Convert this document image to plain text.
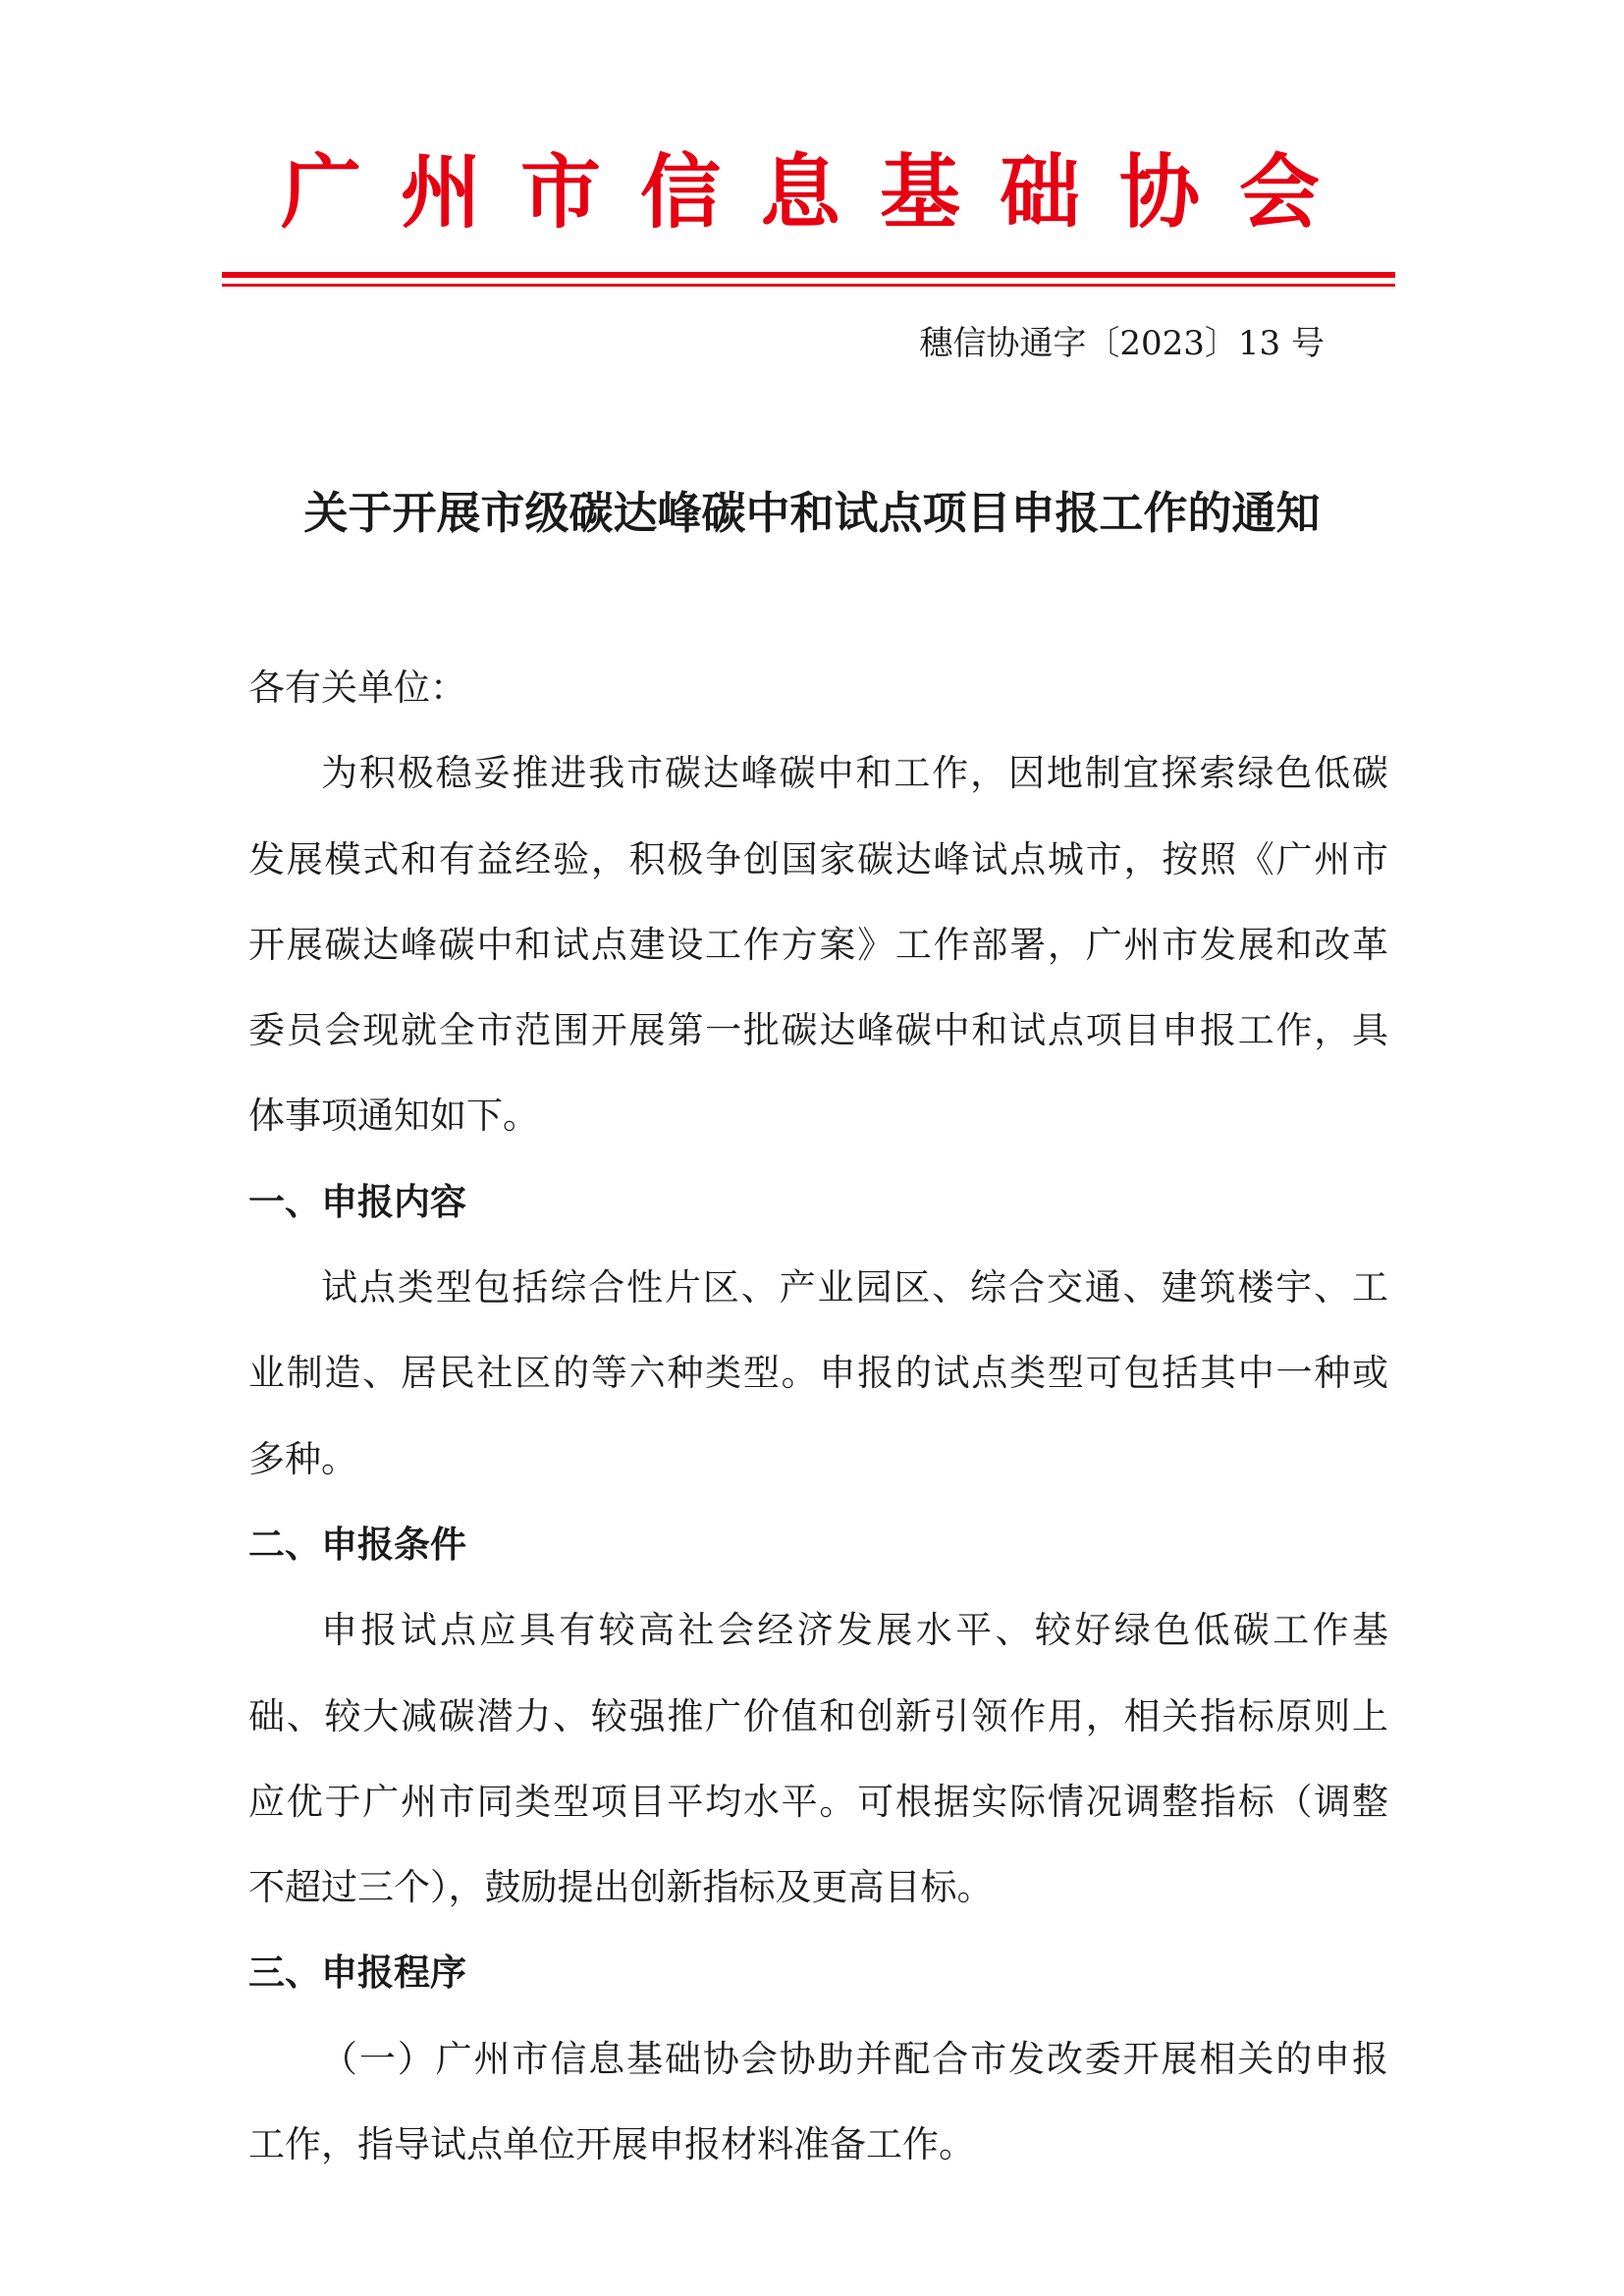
广州市信息基础协会
穗信协通字〔2023〕13 号
关于开展市级碳达峰碳中和试点项目申报工作的通知
各有关单位：
为积极稳妥推进我市碳达峰碳中和工作，因地制宜探索绿色低碳
发展模式和有益经验，积极争创国家碳达峰试点城市，按照《广州市
开展碳达峰碳中和试点建设工作方案》工作部署，广州市发展和改革
委员会现就全市范围开展第一批碳达峰碳中和试点项目申报工作，具
体事项通知如下。
一、申报内容
试点类型包括综合性片区、产业园区、综合交通、建筑楼宇、工
业制造、居民社区的等六种类型。申报的试点类型可包括其中一种或
多种。
二、申报条件
申报试点应具有较高社会经济发展水平、较好绿色低碳工作基
础、较大减碳潜力、较强推广价值和创新引领作用，相关指标原则上
应优于广州市同类型项目平均水平。可根据实际情况调整指标（调整
不超过三个），鼓励提出创新指标及更高目标。
三、申报程序
（一）广州市信息基础协会协助并配合市发改委开展相关的申报
工作，指导试点单位开展申报材料准备工作。
